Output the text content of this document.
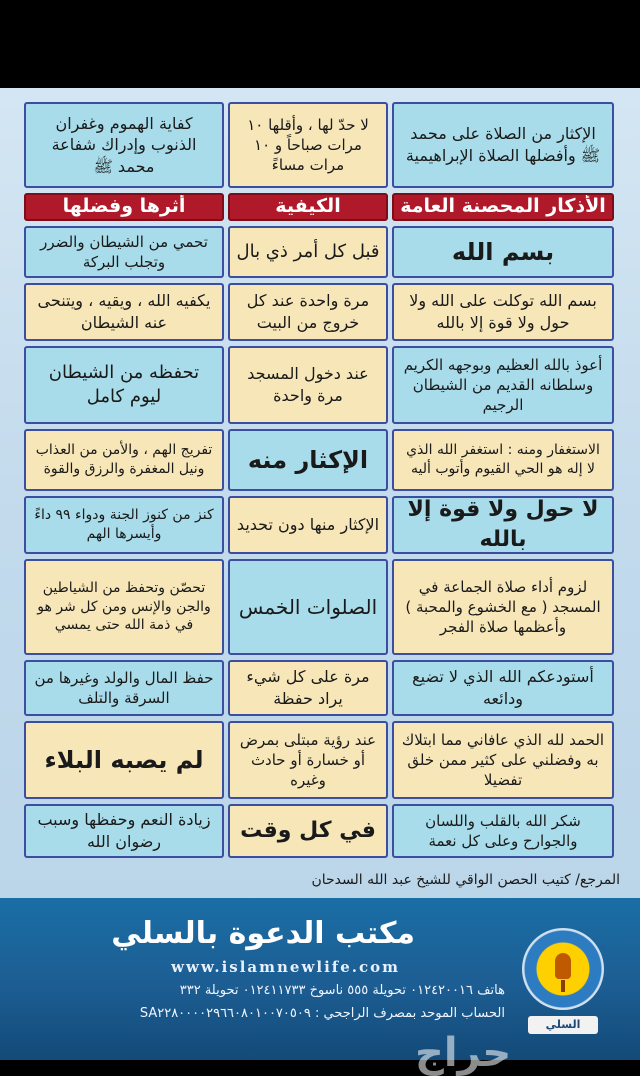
الإكثار من الصلاة على محمد ﷺ وأفضلها الصلاة الإبراهيمية
لا حدّ لها ، وأقلها ١٠ مرات صباحاً و ١٠ مرات مساءً
كفاية الهموم وغفران الذنوب وإدراك شفاعة محمد ﷺ
الأذكار المحصنة العامة
الكيفية
أثرها وفضلها
بسم الله
قبل كل أمر ذي بال
تحمي من الشيطان والضرر وتجلب البركة
بسم الله توكلت على الله ولا حول ولا قوة إلا بالله
مرة واحدة عند كل خروج من البيت
يكفيه الله ، ويقيه ، ويتنحى عنه الشيطان
أعوذ بالله العظيم وبوجهه الكريم وسلطانه القديم من الشيطان الرجيم
عند دخول المسجد مرة واحدة
تحفظه من الشيطان ليوم كامل
الاستغفار ومنه : استغفر الله الذي لا إله هو الحي القيوم وأتوب أليه
الإكثار منه
تفريج الهم ، والأمن من العذاب ونيل المغفرة والرزق والقوة
لا حول ولا قوة إلا بالله
الإكثار منها دون تحديد
كنز من كنوز الجنة ودواء ٩٩ داءً وأيسرها الهم
لزوم أداء صلاة الجماعة في المسجد ( مع الخشوع والمحبة ) وأعظمها صلاة الفجر
الصلوات الخمس
تحصّن وتحفظ من الشياطين والجن والإنس ومن كل شر هو في ذمة الله حتى يمسي
أستودعكم الله الذي لا تضيع ودائعه
مرة على كل شيء يراد حفظة
حفظ المال والولد وغيرها من السرقة والتلف
الحمد لله الذي عافاني مما ابتلاك به وفضلني على كثير ممن خلق تفضيلا
عند رؤية مبتلى بمرض أو خسارة أو حادث وغيره
لم يصبه البلاء
شكر الله بالقلب واللسان والجوارح وعلى كل نعمة
في كل وقت
زيادة النعم وحفظها وسبب رضوان الله
المرجع/ كتيب الحصن الواقي للشيخ عبد الله السدحان
السلي
مكتب الدعوة بالسلي
www.islamnewlife.com
هاتف ٠١٢٤٢٠٠١٦ تحويلة ٥٥٥ ناسوخ ٠١٢٤١١٧٣٣ تحويلة ٣٣٢
الحساب الموحد بمصرف الراجحي : SA٢٢٨٠٠٠٠٢٩٦٦٠٨٠١٠٠٧٠٥٠٩
حراج
